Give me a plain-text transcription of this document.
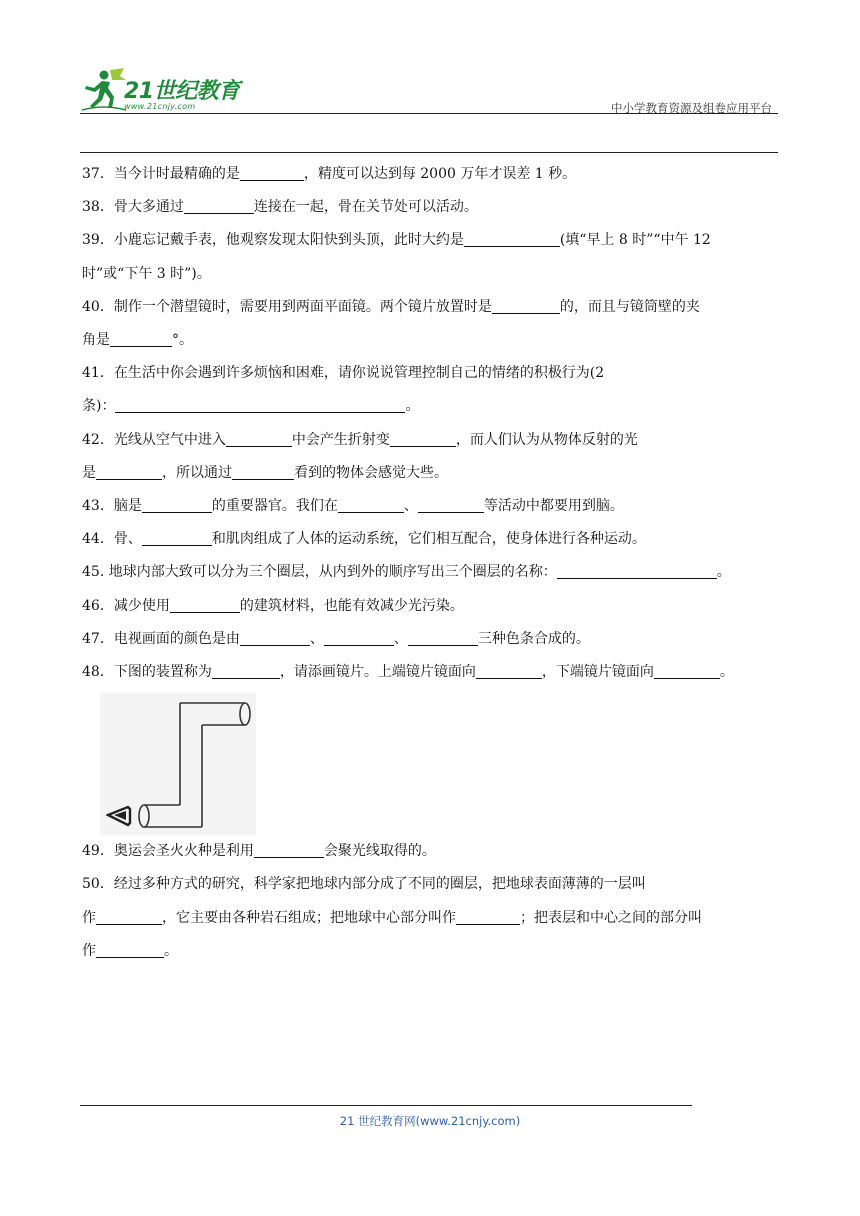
21世纪教育
www.21cnjy.com	中小学教育资源及组卷应用平台
37．当今计时最精确的是	，精度可以达到每 2000 万年才误差 1 秒。
38．骨大多通过	连接在一起，骨在关节处可以活动。
39．小鹿忘记戴手表，他观察发现太阳快到头顶，此时大约是	(填“早上 8 时”“中午 12
时”或“下午 3 时”)。
40．制作一个潜望镜时，需要用到两面平面镜。两个镜片放置时是	的，而且与镜筒壁的夹
角是	°。
41．在生活中你会遇到许多烦恼和困难，请你说说管理控制自己的情绪的积极行为(2
条)：	。
42．光线从空气中进入	中会产生折射变	，而人们认为从物体反射的光
是	，所以通过	看到的物体会感觉大些。
43．脑是	的重要器官。我们在	、	等活动中都要用到脑。
44．骨、	和肌肉组成了人体的运动系统，它们相互配合，使身体进行各种运动。
45. 地球内部大致可以分为三个圈层，从内到外的顺序写出三个圈层的名称：	。
46．减少使用	的建筑材料，也能有效减少光污染。
47．电视画面的颜色是由	、	、	三种色条合成的。
48．下图的装置称为	，请添画镜片。上端镜片镜面向	，下端镜片镜面向	。
49．奥运会圣火火种是利用	会聚光线取得的。
50．经过多种方式的研究，科学家把地球内部分成了不同的圈层，把地球表面薄薄的一层叫
作	，它主要由各种岩石组成；把地球中心部分叫作	；把表层和中心之间的部分叫
作	。
21 世纪教育网(www.21cnjy.com)
